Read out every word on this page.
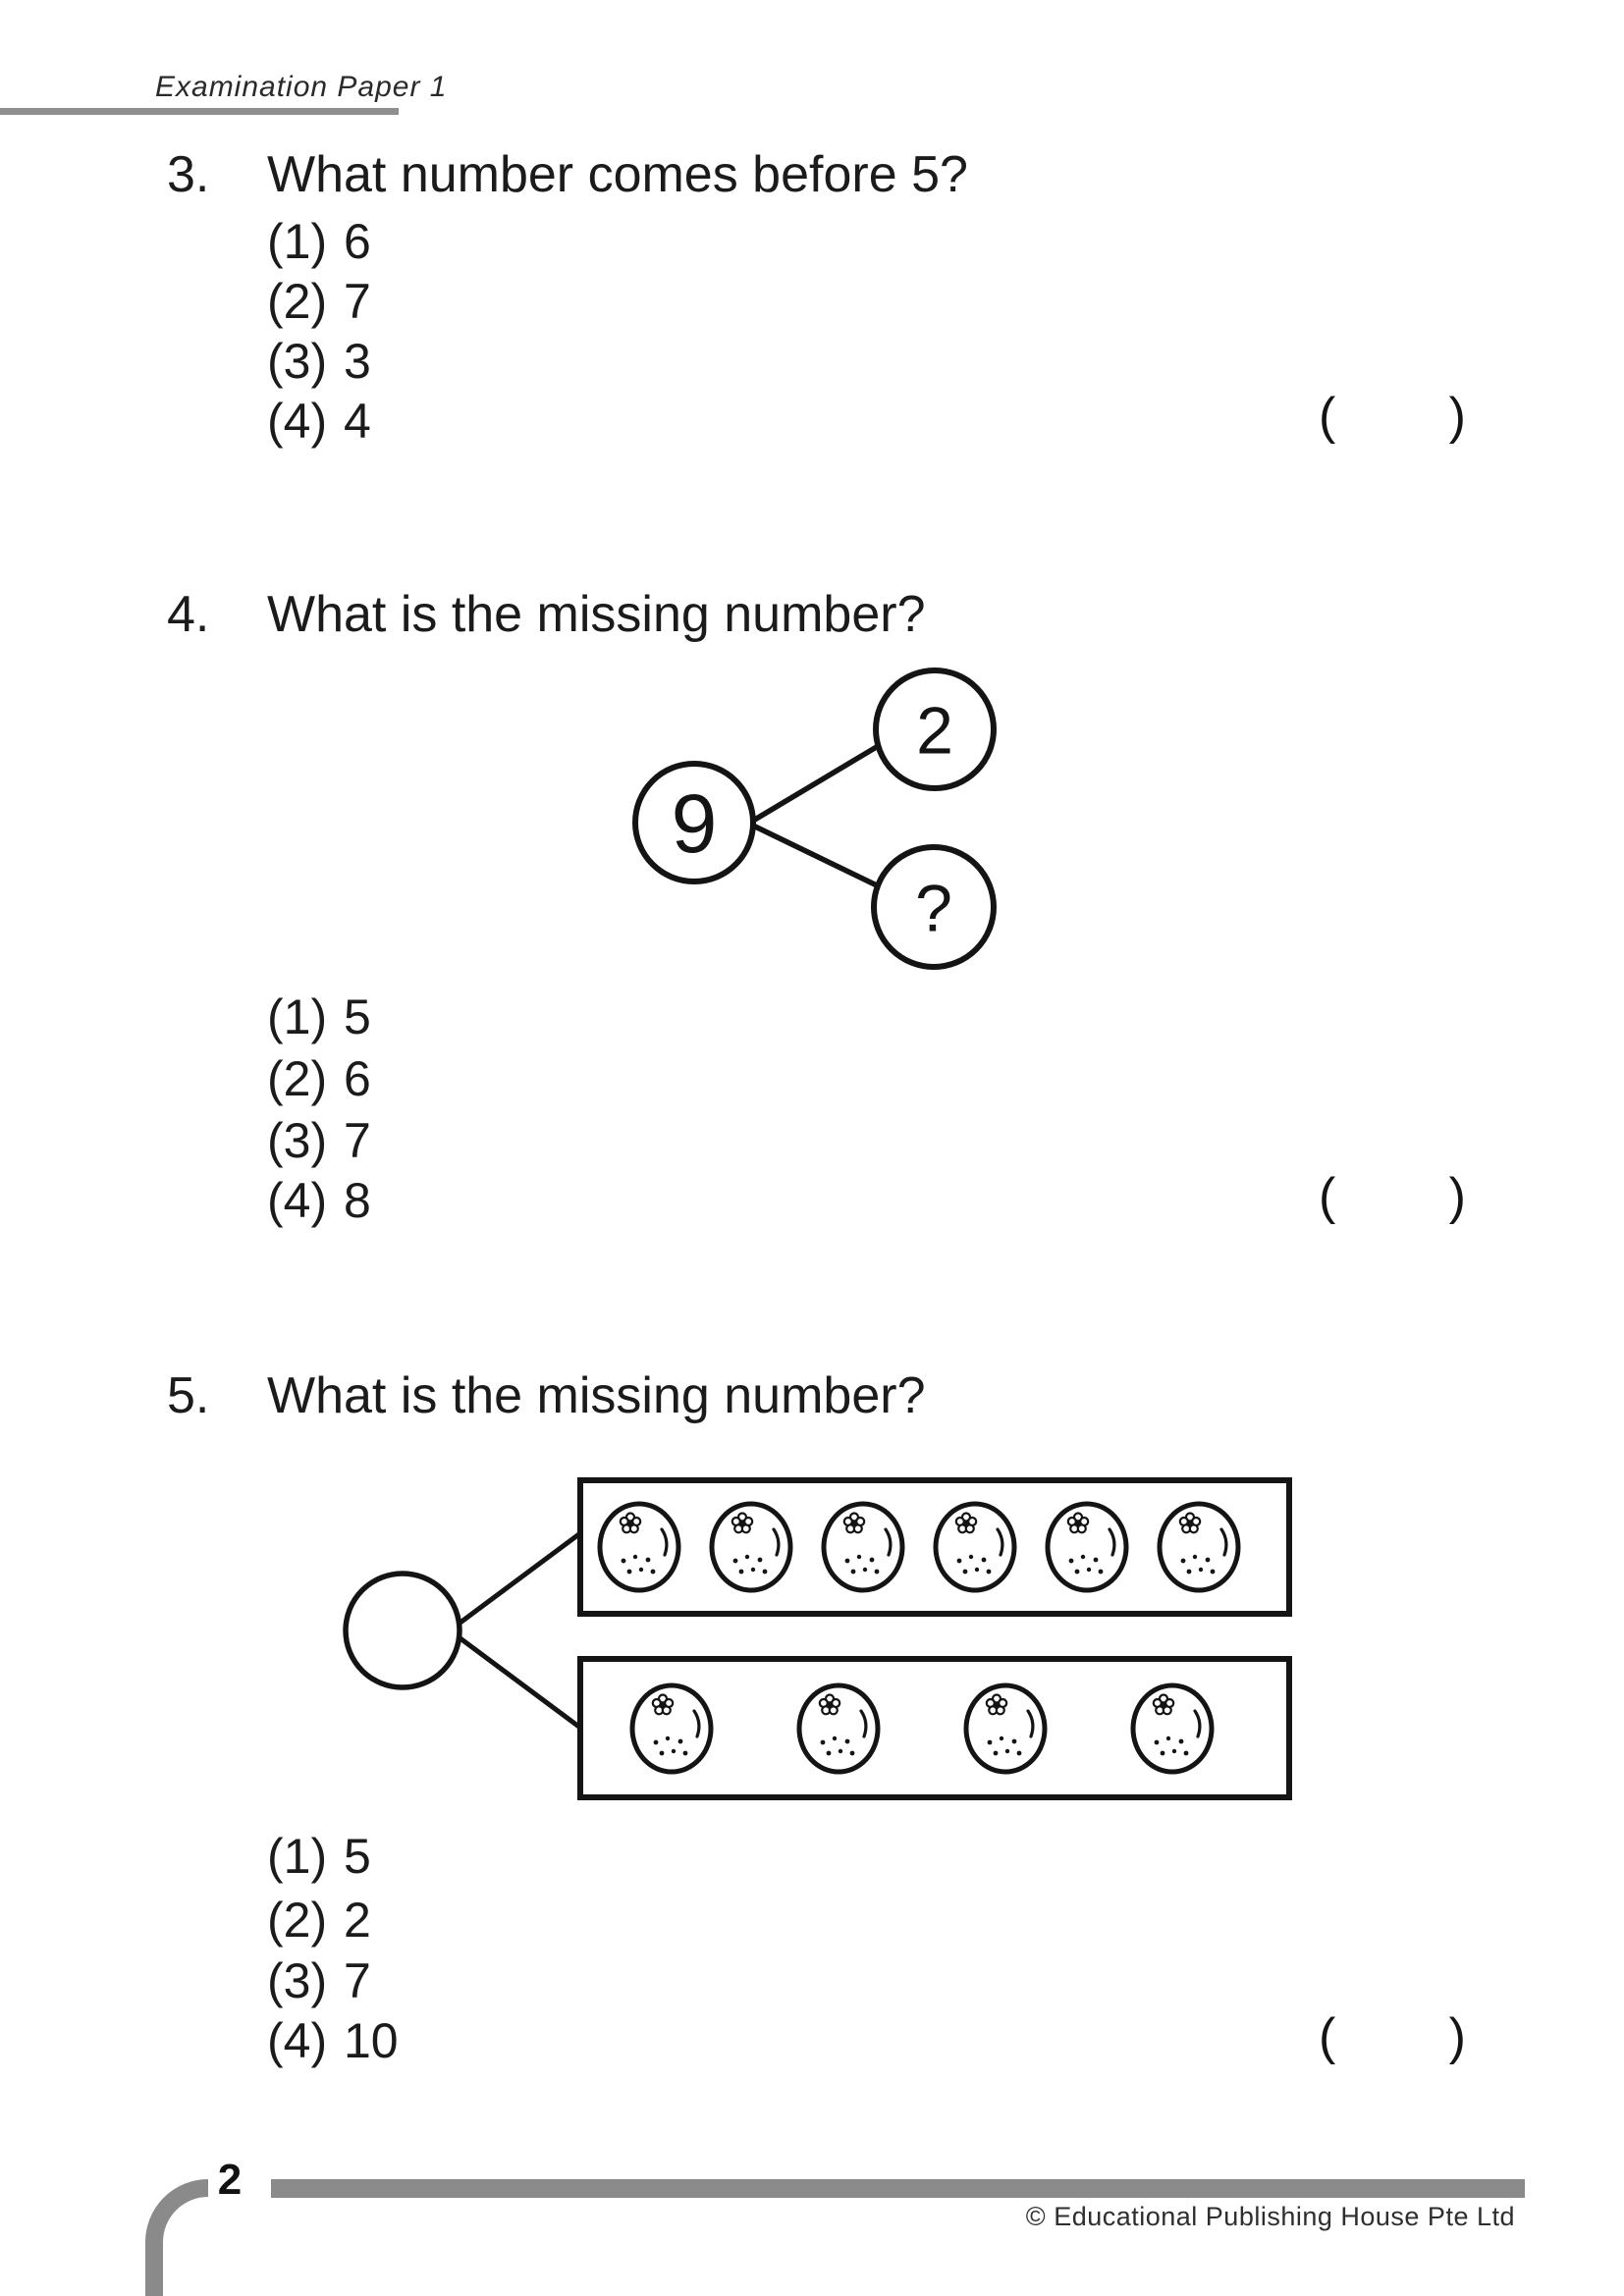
Examination Paper 1
3. What number comes before 5?
(1) 6
(2) 7
(3) 3
(4) 4	( )
4. What is the missing number?
9
2
?
(1) 5
(2) 6
(3) 7
(4) 8	( )
5. What is the missing number?
(1) 5
(2) 2
(3) 7
(4) 10	( )
2
© Educational Publishing House Pte Ltd
